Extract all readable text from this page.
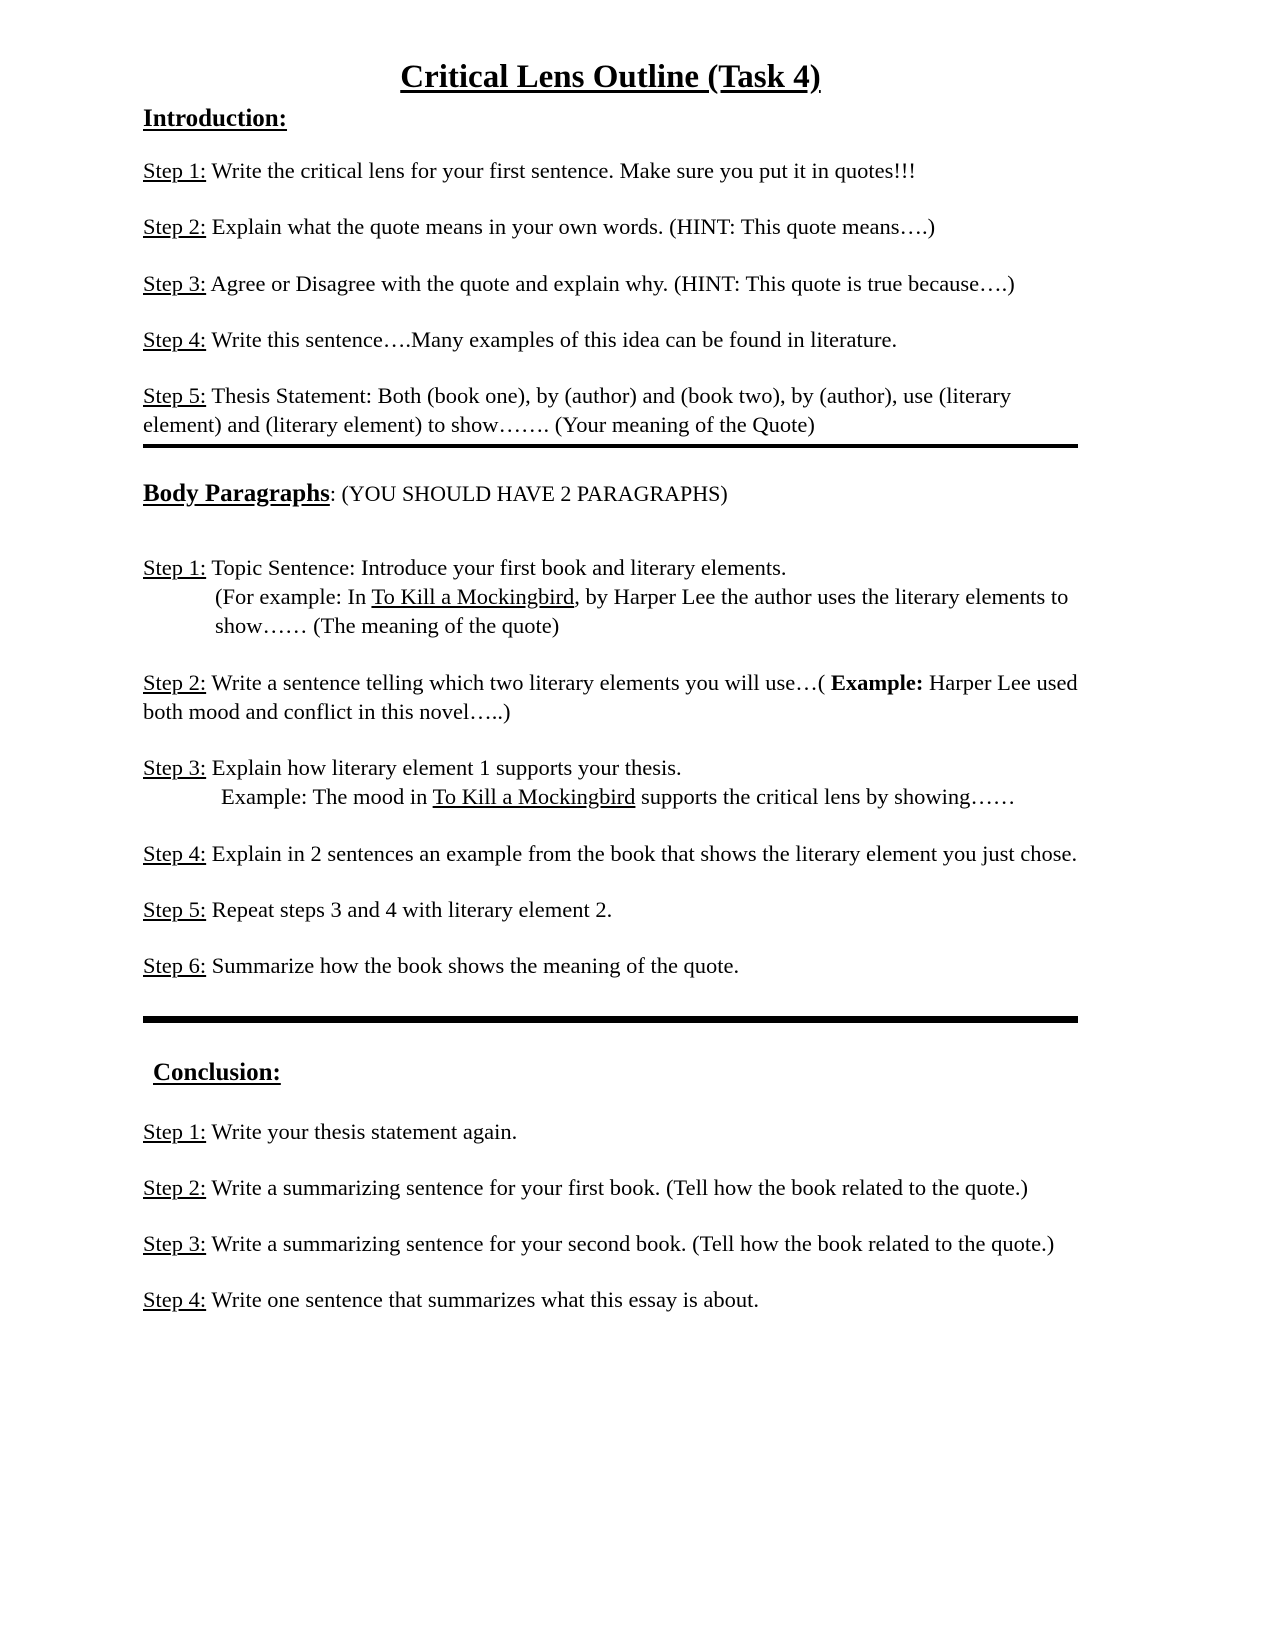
Critical Lens Outline (Task 4)
Introduction:

Step 1: Write the critical lens for your first sentence. Make sure you put it in quotes!!!

Step 2: Explain what the quote means in your own words. (HINT: This quote means….)

Step 3: Agree or Disagree with the quote and explain why. (HINT: This quote is true because….)

Step 4: Write this sentence….Many examples of this idea can be found in literature.

Step 5: Thesis Statement: Both (book one), by (author) and (book two), by (author), use (literary element) and (literary element) to show……. (Your meaning of the Quote)

Body Paragraphs: (YOU SHOULD HAVE 2 PARAGRAPHS)

Step 1: Topic Sentence: Introduce your first book and literary elements.
(For example: In To Kill a Mockingbird, by Harper Lee the author uses the literary elements to show…… (The meaning of the quote)

Step 2: Write a sentence telling which two literary elements you will use…( Example: Harper Lee used both mood and conflict in this novel…..)

Step 3: Explain how literary element 1 supports your thesis.
Example: The mood in To Kill a Mockingbird supports the critical lens by showing……

Step 4: Explain in 2 sentences an example from the book that shows the literary element you just chose.

Step 5: Repeat steps 3 and 4 with literary element 2.

Step 6: Summarize how the book shows the meaning of the quote.

Conclusion:

Step 1: Write your thesis statement again.

Step 2: Write a summarizing sentence for your first book. (Tell how the book related to the quote.)

Step 3: Write a summarizing sentence for your second book. (Tell how the book related to the quote.)

Step 4: Write one sentence that summarizes what this essay is about.
